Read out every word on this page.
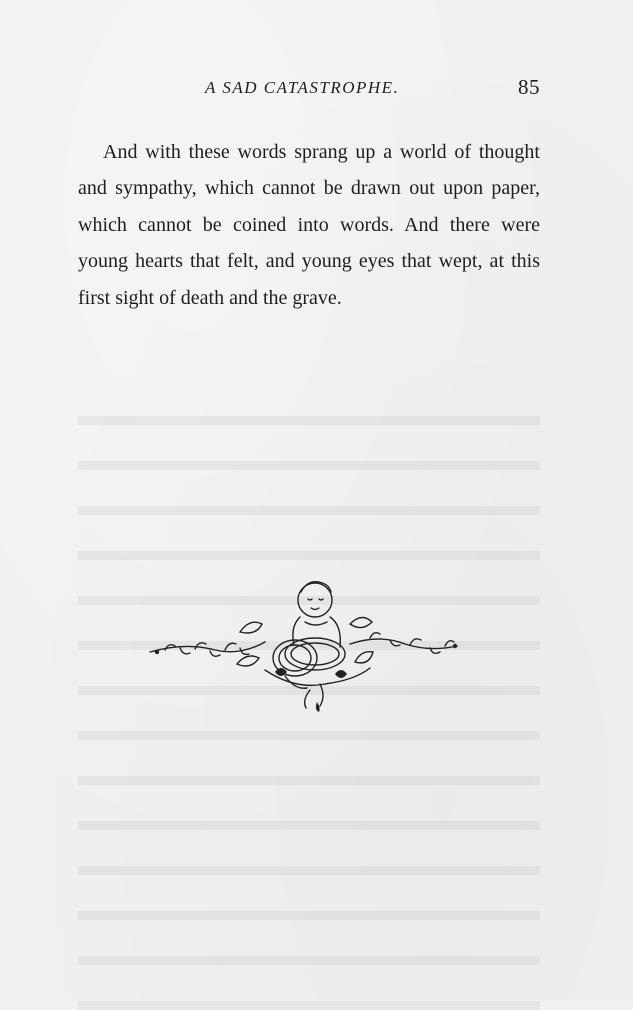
A SAD CATASTROPHE.	85

And with these words sprang up a world of thought and sympathy, which cannot be drawn out upon paper, which cannot be coined into words. And there were young hearts that felt, and young eyes that wept, at this first sight of death and the grave.
